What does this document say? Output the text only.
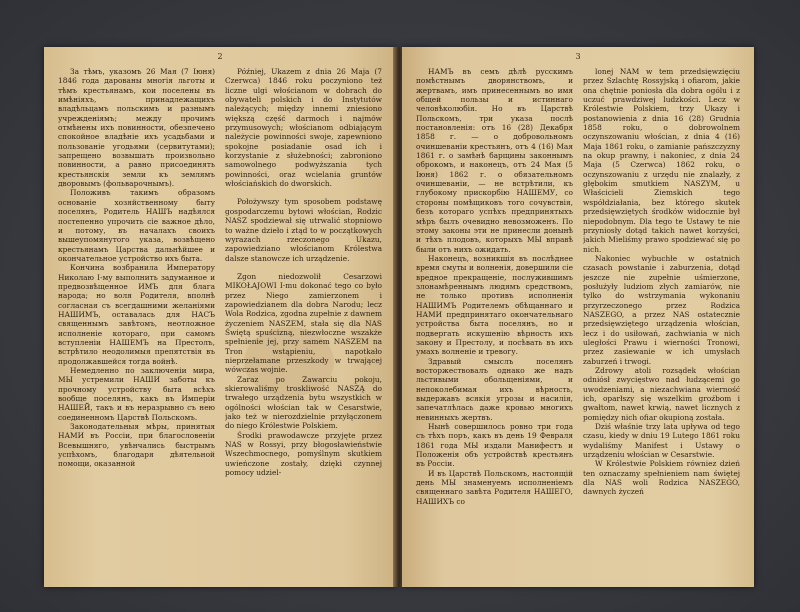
2

За тѣмъ, указомъ 26 Мая (7 Іюня) 1846 года дарованы многія льготы и тѣмъ крестьянамъ, кои поселены въ имѣніяхъ, принадлежащихъ владѣльцамъ польскимъ и разнымъ учрежденіямъ; между прочимъ отмѣнены ихъ повинности, обезпечено спокойное владѣніе ихъ усадьбами и пользованіе угодьями (сервитутами); запрещено возвышать произвольно повинности, а равно присоединять крестьянскія земли къ землямъ дворовымъ (фольварочнымъ).

Положивъ такимъ образомъ основаніе хозяйственному быту поселянъ, Родитель НАШЪ надѣялся постепенно упрочить сіе важное дѣло, и потому, въ началахъ своихъ вышеупомянутого указа, возвѣщено крестьянамъ Царства дальнѣйшее и окончательное устройство ихъ быта.

Кончина возбранила Императору Николаю I-му выполнить задуманное и предвозвѣщенное ИМЪ для блага народа; но воля Родителя, вполнѣ согласная съ всегдашними желаніями НАШИМЪ, оставалась для НАСЪ священнымъ завѣтомъ, неотложное исполненіе котораго, при самомъ вступленіи НАШЕМЪ на Престолъ, встрѣтило неодолимыя препятствія въ продолжавшейся тогда войнѣ.

Немедленно по заключеніи мира, МЫ устремили НАШИ заботы къ прочному устройству быта всѣхъ вообще поселянъ, какъ въ Имперіи НАШЕЙ, такъ и въ неразрывно съ нею соединенномъ Царствѣ Польскомъ.

Законодательныя мѣры, принятыя НАМИ въ Россіи, при благословеніи Всевышняго, увѣнчались быстрымъ успѣхомъ, благодаря дѣятельной помощи, оказанной

Później, Ukazem z dnia 26 Maja (7 Czerwca) 1846 roku poczyniono też liczne ulgi włościanom w dobrach do obywateli polskich i do Instytutów należących; między innemi zniesiono większą część darmoch i najmów przymusowych; włościanom odbiającym należycie powinności swoje, zapewniono spokojne posiadanie osad ich i korzystanie z służebności; zabroniono samowolnego podwyższania tych powinności, oraz wcielania gruntów włościańskich do dworskich.

Położywszy tym sposobem podstawę gospodarczemu bytowi włościan, Rodzic NASZ spodziewał się utrwalić stopniowo to ważne dzieło i ztąd to w początkowych wyrazach rzeczonego Ukazu, zapowiedziano włościanom Królestwa dalsze stanowcze ich urządzenie.

Zgon niedozwolił Cesarzowi MIKOŁAJOWI I-mu dokonać tego co było przez Niego zamierzonem i zapowiedzianem dla dobra Narodu; lecz Wola Rodzica, zgodna zupełnie z dawnem życzeniem NASZEM, stała się dla NAS Świętą spuścizną, niezwłoczne wszakże spełnienie jej, przy samem NASZEM na Tron wstąpieniu, napotkało nieprzełamane przeszkody w trwającej wówczas wojnie.

Zaraz po Zawarciu pokoju, skierowaliśmy troskliwość NASZĄ do trwałego urządzenia bytu wszystkich w ogólności włościan tak w Cesarstwie, jako też w nierozdzielnie przyłączonem do niego Królestwie Polskiem.

Środki prawodawcze przyjęte przez NAS w Rossyi, przy błogosławieństwie Wszechmocnego, pomyślnym skutkiem uwieńczone zostały, dzięki czynnej pomocy udziel-

3

НАМЪ въ семъ дѣлѣ русскимъ помѣстнымъ дворянствомъ, и жертвамъ, имъ принесеннымъ во имя общей пользы и истиннаго человѣколюбія. Но въ Царствѣ Польскомъ, три указа послѣ постановленія: отъ 16 (28) Декабря 1858 г. — о добровольномъ очиншеваніи крестьянъ, отъ 4 (16) Мая 1861 г. о замѣнѣ барщины законнымъ оброкомъ, и наконецъ, отъ 24 Мая (5 Іюня) 1862 г. о обязательномъ очиншеваніи, — не встрѣтили, къ глубокому прискорбію НАШЕМУ, со стороны помѣщиковъ того сочувствія, безъ котораго успѣхъ предпринятыхъ мѣръ былъ очевидно невозможенъ. По этому законы эти не принесли донынѣ и тѣхъ плодовъ, которыхъ МЫ вправѣ были отъ нихъ ожидать.

Наконецъ, возникшія въ послѣднее время смуты и волненія, довершили сіе вредное прекращеніе, послужившимъ злонамѣреннымъ людямъ средствомъ, не только противъ исполненія НАШИМЪ Родителемъ обѣщаннаго и НАМИ предпринятаго окончательнаго устройства быта поселянъ, но и подвергать искушенію вѣрность ихъ закону и Престолу, и посѣвать въ ихъ умахъ волненіе и тревогу.

Здравый смыслъ поселянъ восторжествовалъ однако же надъ льстивыми обольщеніями, и непоколебимая ихъ вѣрность, выдержавъ всякія угрозы и насилія, запечатлѣлась даже кровью многихъ невинныхъ жертвъ.

Нынѣ совершилось ровно три года съ тѣхъ поръ, какъ въ день 19 Февраля 1861 года МЫ издали Манифестъ и Положенія объ устройствѣ крестьянъ въ Россіи.

И въ Царствѣ Польскомъ, настоящій день МЫ знаменуемъ исполненіемъ священнаго завѣта Родителя НАШЕГО, НАШИХЪ со

lonej NAM w tem przedsięwzięciu przez Szlachtę Rossyjską i ofiarom, jakie ona chętnie poniosła dla dobra ogólu i z uczuć prawdziwej ludzkości. Lecz w Królestwie Polskiem, trzy Ukazy i postanowienia z dnia 16 (28) Grudnia 1858 roku, o dobrowolnem oczynszowaniu włościan, z dnia 4 (16) Maja 1861 roku, o zamianie pańszczyzny na okup prawny, i nakoniec, z dnia 24 Maja (5 Czerwca) 1862 roku, o oczynszowaniu z urzędu nie znalazły, z głębokim smutkiem NASZYM, u Właścicieli Ziemskich tego współdziałania, bez którego skutek przedsięwziętych środków widocznie był niepodobnym. Dla tego te Ustawy te nie przyniosły dotąd takich nawet korzyści, jakich Mieliśmy prawo spodziewać się po nich.

Nakoniec wybuchłe w ostatnich czasach powstanie i zaburzenia, dotąd jeszcze nie zupełnie uśmierzone, posłużyły ludziom złych zamiarów, nie tylko do wstrzymania wykonaniu przyrzeczonego przez Rodzica NASZEGO, a przez NAS ostatecznie przedsięwziętego urządzenia włościan, lecz i do usiłowań, zachwiania w nich uległości Prawu i wierności Tronowi, przez zasiewanie w ich umysłach zaburzeń i trwogi.

Zdrowy atoli rozsądek włościan odniósł zwycięstwo nad łudzącemi go uwodzeniami, a niezachwiana wierność ich, oparłszy się wszelkim groźbom i gwałtom, nawet krwią, nawet licznych z pomiędzy nich ofiar okupioną została.

Dziś właśnie trzy lata upływa od tego czasu, kiedy w dniu 19 Lutego 1861 roku wydaliśmy Manifest i Ustawy o urządzeniu włościan w Cesarstwie.

W Królestwie Polskiem równiez dzień ten oznaczamy spełnieniem nam świętej dla NAS woli Rodzica NASZEGO, dawnych życzeń
